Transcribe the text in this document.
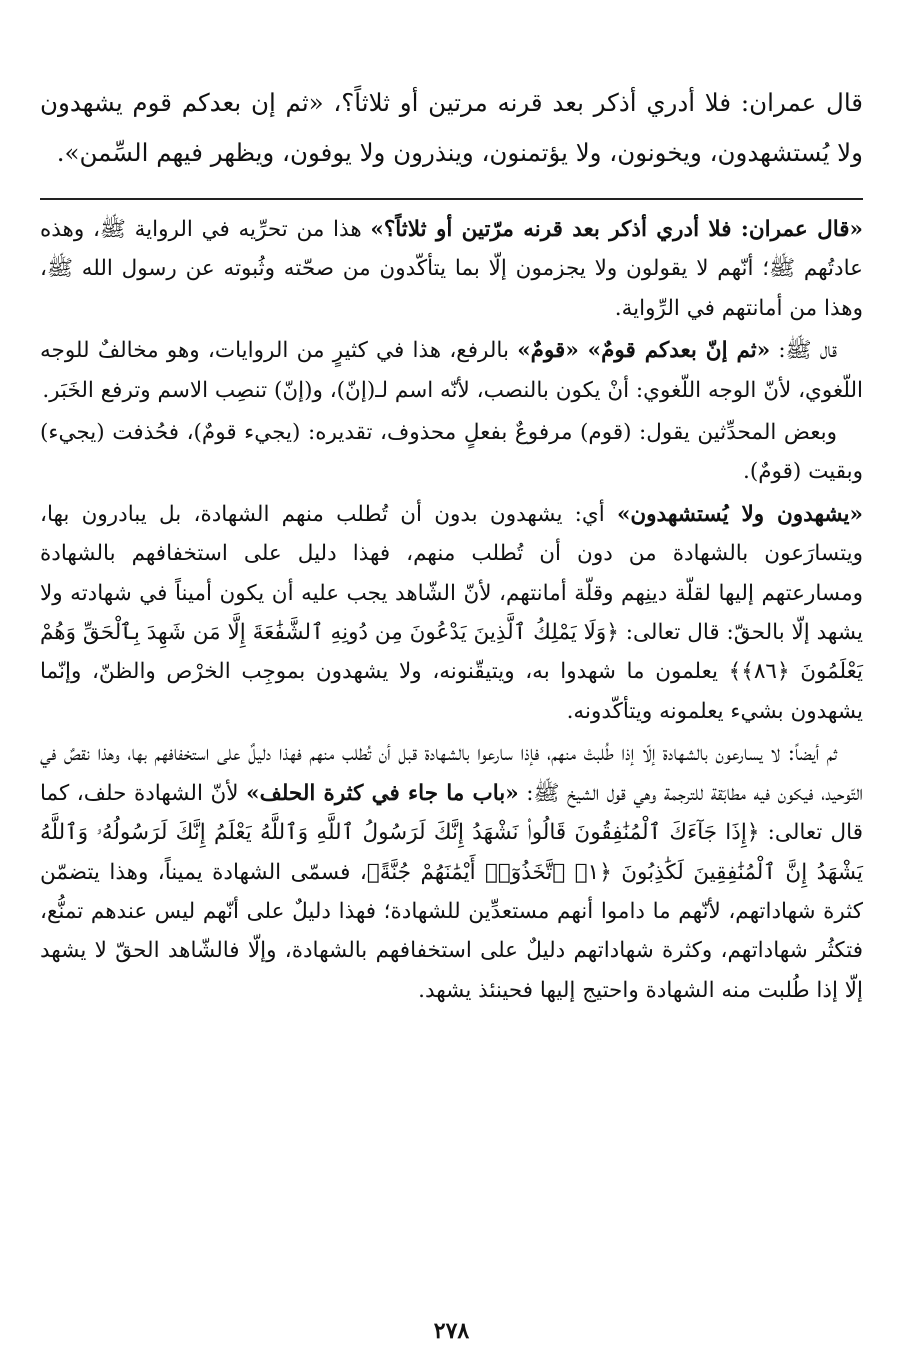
قال عمران: فلا أدري أذكر بعد قرنه مرتين أو ثلاثاً؟، «ثم إن بعدكم قوم يشهدون ولا يُستشهدون، ويخونون، ولا يؤتمنون، وينذرون ولا يوفون، ويظهر فيهم السِّمن».

«قال عمران: فلا أدري أذكر بعد قرنه مرّتين أو ثلاثاً؟» هذا من تحرِّيه في الرواية ﷺ، وهذه عادتُهم ﷺ؛ أنّهم لا يقولون ولا يجزمون إلّا بما يتأكّدون من صحّته وثُبوته عن رسول الله ﷺ، وهذا من أمانتهم في الرِّواية.

قال ﷺ: «ثم إنّ بعدكم قومٌ» «قومٌ» بالرفع، هذا في كثيرٍ من الروايات، وهو مخالفٌ للوجه اللّغوي، لأنّ الوجه اللّغوي: أنْ يكون بالنصب، لأنّه اسم لـ(إنّ)، و(إنّ) تنصِب الاسم وترفع الخَبَر.

وبعض المحدِّثين يقول: (قوم) مرفوعٌ بفعلٍ محذوف، تقديره: (يجيء قومٌ)، فحُذفت (يجيء) وبقيت (قومٌ).

«يشهدون ولا يُستشهدون» أي: يشهدون بدون أن تُطلب منهم الشهادة، بل يبادرون بها، ويتسارَعون بالشهادة من دون أن تُطلب منهم، فهذا دليل على استخفافهم بالشهادة ومسارعتهم إليها لقلّة دينِهم وقلّة أمانتهم، لأنّ الشّاهد يجب عليه أن يكون أميناً في شهادته ولا يشهد إلّا بالحقّ: قال تعالى: ﴿وَلَا يَمْلِكُ ٱلَّذِينَ يَدْعُونَ مِن دُونِهِ ٱلشَّفَٰعَةَ إِلَّا مَن شَهِدَ بِٱلْحَقِّ وَهُمْ يَعْلَمُونَ ﴿٨٦﴾﴾ يعلمون ما شهدوا به، ويتيقّنونه، ولا يشهدون بموجِب الخرْص والظنّ، وإنّما يشهدون بشيء يعلمونه ويتأكّدونه.

ثم أيضاً: لا يسارعون بالشهادة إلّا إذا طُلبتْ منهم، فإذا سارعوا بالشهادة قبل أن تُطلب منهم فهذا دليلٌ على استخفافهم بها، وهذا نقصٌ في التّوحيد، فيكون فيه مطابَقة للترجمة وهي قول الشيخ ﷺ: «باب ما جاء في كثرة الحلف» لأنّ الشهادة حلف، كما قال تعالى: ﴿إِذَا جَآءَكَ ٱلْمُنَٰفِقُونَ قَالُوا۟ نَشْهَدُ إِنَّكَ لَرَسُولُ ٱللَّهِ وَٱللَّهُ يَعْلَمُ إِنَّكَ لَرَسُولُهُۥ وَٱللَّهُ يَشْهَدُ إِنَّ ٱلْمُنَٰفِقِينَ لَكَٰذِبُونَ ﴿١﴾ ٱتَّخَذُوٓا۟ أَيْمَٰنَهُمْ جُنَّةً﴾، فسمّى الشهادة يميناً، وهذا يتضمّن كثرة شهاداتهم، لأنّهم ما داموا أنهم مستعدِّين للشهادة؛ فهذا دليلٌ على أنّهم ليس عندهم تمنُّع، فتكثُر شهاداتهم، وكثرة شهاداتهم دليلٌ على استخفافهم بالشهادة، وإلّا فالشّاهد الحقّ لا يشهد إلّا إذا طُلبت منه الشهادة واحتيج إليها فحينئذ يشهد.

٢٧٨
